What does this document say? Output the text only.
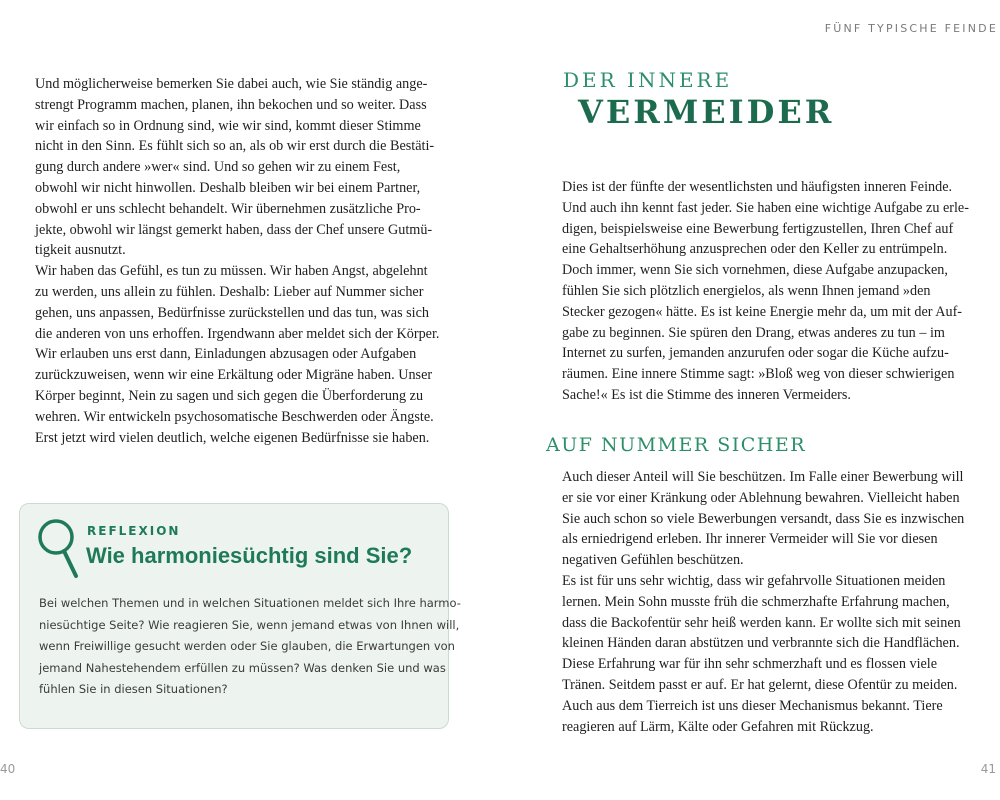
FÜNF TYPISCHE FEINDE
Und möglicherweise bemerken Sie dabei auch, wie Sie ständig ange-
strengt Programm machen, planen, ihn bekochen und so weiter. Dass
wir einfach so in Ordnung sind, wie wir sind, kommt dieser Stimme
nicht in den Sinn. Es fühlt sich so an, als ob wir erst durch die Bestäti-
gung durch andere »wer« sind. Und so gehen wir zu einem Fest,
obwohl wir nicht hinwollen. Deshalb bleiben wir bei einem Partner,
obwohl er uns schlecht behandelt. Wir übernehmen zusätzliche Pro-
jekte, obwohl wir längst gemerkt haben, dass der Chef unsere Gutmü-
tigkeit ausnutzt.
Wir haben das Gefühl, es tun zu müssen. Wir haben Angst, abgelehnt
zu werden, uns allein zu fühlen. Deshalb: Lieber auf Nummer sicher
gehen, uns anpassen, Bedürfnisse zurückstellen und das tun, was sich
die anderen von uns erhoffen. Irgendwann aber meldet sich der Körper.
Wir erlauben uns erst dann, Einladungen abzusagen oder Aufgaben
zurückzuweisen, wenn wir eine Erkältung oder Migräne haben. Unser
Körper beginnt, Nein zu sagen und sich gegen die Überforderung zu
wehren. Wir entwickeln psychosomatische Beschwerden oder Ängste.
Erst jetzt wird vielen deutlich, welche eigenen Bedürfnisse sie haben.
REFLEXION
Wie harmoniesüchtig sind Sie?
Bei welchen Themen und in welchen Situationen meldet sich Ihre harmo-
niesüchtige Seite? Wie reagieren Sie, wenn jemand etwas von Ihnen will,
wenn Freiwillige gesucht werden oder Sie glauben, die Erwartungen von
jemand Nahestehendem erfüllen zu müssen? Was denken Sie und was
fühlen Sie in diesen Situationen?
DER INNERE
VERMEIDER
Dies ist der fünfte der wesentlichsten und häufigsten inneren Feinde.
Und auch ihn kennt fast jeder. Sie haben eine wichtige Aufgabe zu erle-
digen, beispielsweise eine Bewerbung fertigzustellen, Ihren Chef auf
eine Gehaltserhöhung anzusprechen oder den Keller zu entrümpeln.
Doch immer, wenn Sie sich vornehmen, diese Aufgabe anzupacken,
fühlen Sie sich plötzlich energielos, als wenn Ihnen jemand »den
Stecker gezogen« hätte. Es ist keine Energie mehr da, um mit der Auf-
gabe zu beginnen. Sie spüren den Drang, etwas anderes zu tun – im
Internet zu surfen, jemanden anzurufen oder sogar die Küche aufzu-
räumen. Eine innere Stimme sagt: »Bloß weg von dieser schwierigen
Sache!« Es ist die Stimme des inneren Vermeiders.
AUF NUMMER SICHER
Auch dieser Anteil will Sie beschützen. Im Falle einer Bewerbung will
er sie vor einer Kränkung oder Ablehnung bewahren. Vielleicht haben
Sie auch schon so viele Bewerbungen versandt, dass Sie es inzwischen
als erniedrigend erleben. Ihr innerer Vermeider will Sie vor diesen
negativen Gefühlen beschützen.
Es ist für uns sehr wichtig, dass wir gefahrvolle Situationen meiden
lernen. Mein Sohn musste früh die schmerzhafte Erfahrung machen,
dass die Backofentür sehr heiß werden kann. Er wollte sich mit seinen
kleinen Händen daran abstützen und verbrannte sich die Handflächen.
Diese Erfahrung war für ihn sehr schmerzhaft und es flossen viele
Tränen. Seitdem passt er auf. Er hat gelernt, diese Ofentür zu meiden.
Auch aus dem Tierreich ist uns dieser Mechanismus bekannt. Tiere
reagieren auf Lärm, Kälte oder Gefahren mit Rückzug.
40	41
